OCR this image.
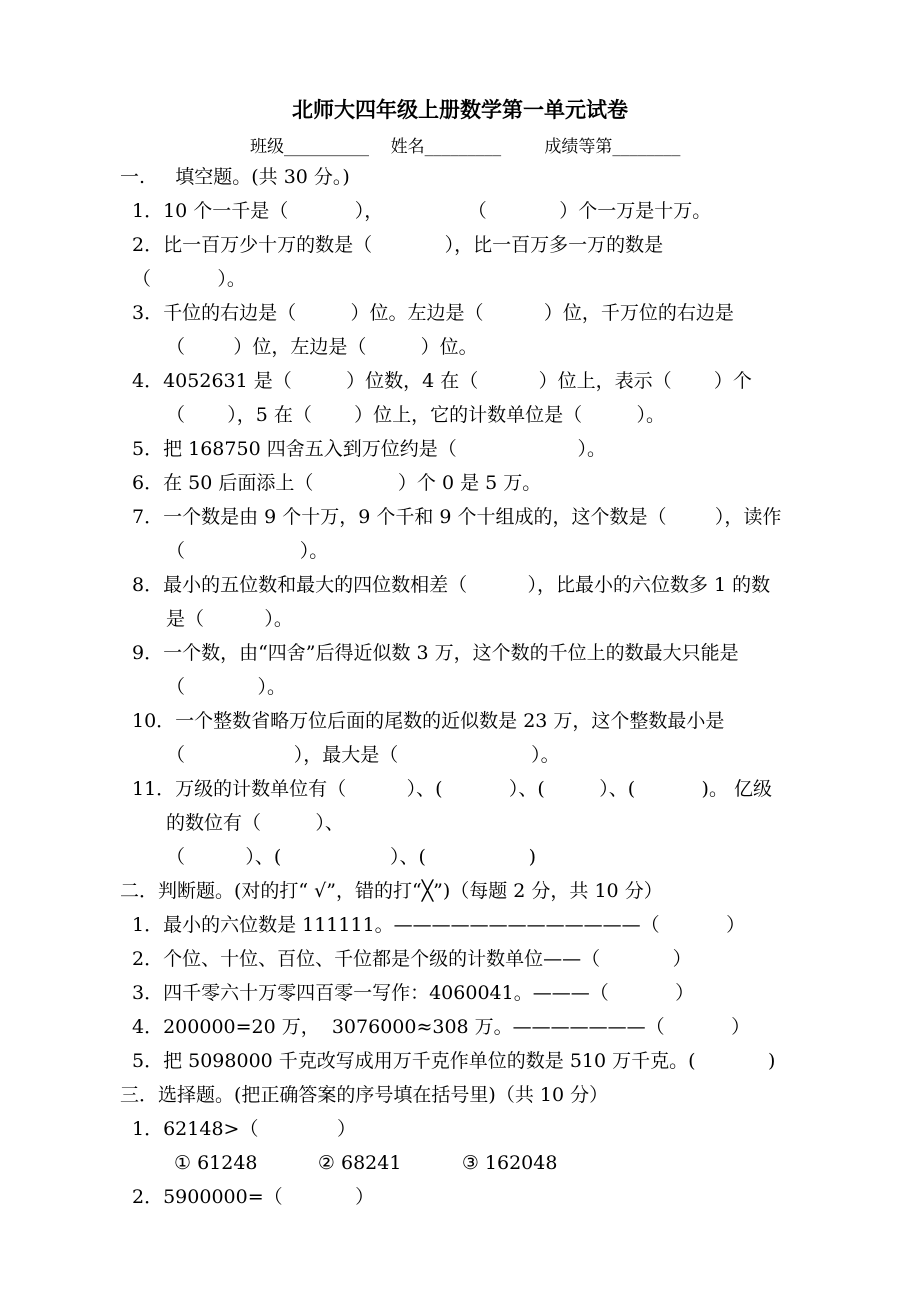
北师大四年级上册数学第一单元试卷
班级__________    姓名_________        成绩等第________
一.     填空题。(共 30 分。)
1．10 个一千是（           ），              （            ）个一万是十万。
2．比一百万少十万的数是（            ），比一百万多一万的数是
（           ）。
3．千位的右边是（         ）位。左边是（          ）位，千万位的右边是
（        ）位，左边是（         ）位。
4．4052631 是（         ）位数，4 在（          ）位上，表示（       ）个
（       ），5 在（       ）位上，它的计数单位是（         ）。
5．把 168750 四舍五入到万位约是（                    ）。
6．在 50 后面添上（              ）个 0 是 5 万。
7．一个数是由 9 个十万，9 个千和 9 个十组成的，这个数是（        ），读作
（                   ）。
8．最小的五位数和最大的四位数相差（          ），比最小的六位数多 1 的数
是（          ）。
9．一个数，由“四舍”后得近似数 3 万，这个数的千位上的数最大只能是
（            ）。
10．一个整数省略万位后面的尾数的近似数是 23 万，这个整数最小是
（                  ），最大是（                      ）。
11．万级的计数单位有（          ）、(           ）、(         ）、(           )。 亿级
的数位有（         ）、
（          ）、(                  ）、(                 )
二．判断题。(对的打“ √”，错的打“╳”)（每题 2 分，共 10 分）
1．最小的六位数是 111111。—————————————（           ）
2．个位、十位、百位、千位都是个级的计数单位——（            ）
3．四千零六十万零四百零一写作：4060041。———（           ）
4．200000=20 万，  3076000≈308 万。———————（           ）
5．把 5098000 千克改写成用万千克作单位的数是 510 万千克。(            )
三．选择题。(把正确答案的序号填在括号里)（共 10 分）
1．62148>（             ）
① 61248          ② 68241          ③ 162048
2．5900000=（            ）
